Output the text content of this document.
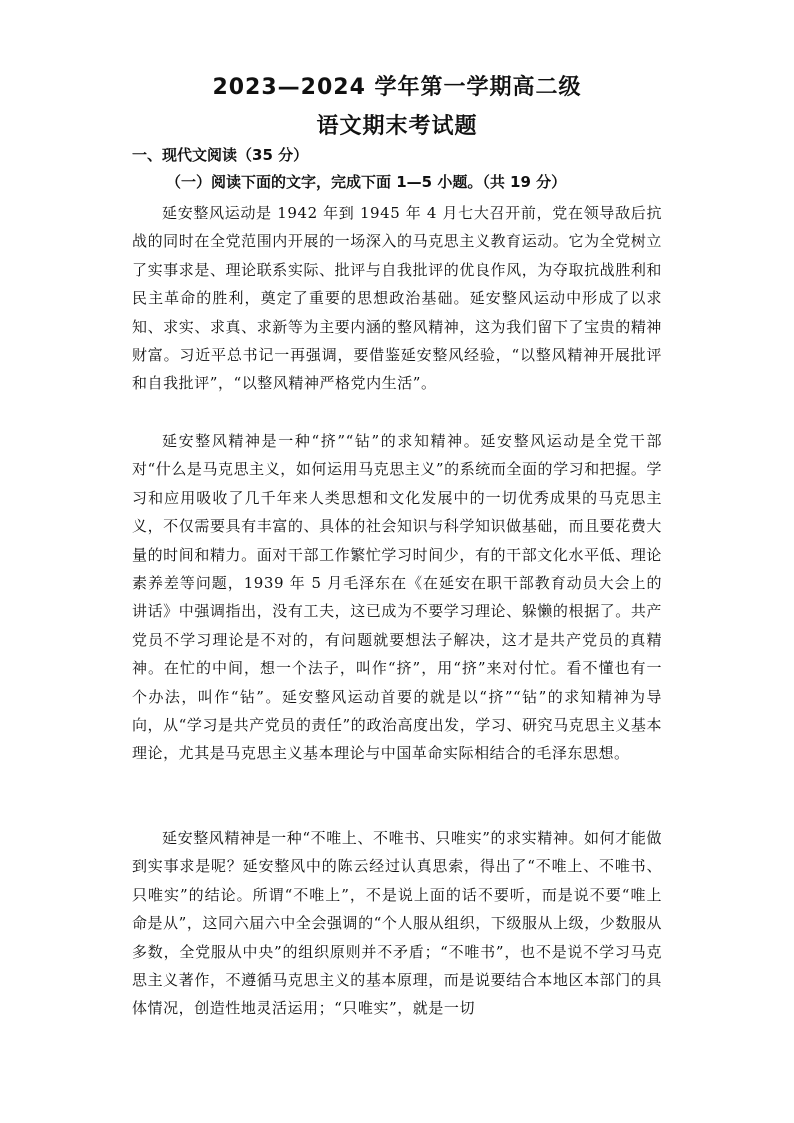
2023—2024 学年第一学期高二级
语文期末考试题
一、现代文阅读（35 分）
（一）阅读下面的文字，完成下面 1—5 小题。（共 19 分）

延安整风运动是 1942 年到 1945 年 4 月七大召开前，党在领导敌后抗战的同时在全党范围内开展的一场深入的马克思主义教育运动。它为全党树立了实事求是、理论联系实际、批评与自我批评的优良作风，为夺取抗战胜利和民主革命的胜利，奠定了重要的思想政治基础。延安整风运动中形成了以求知、求实、求真、求新等为主要内涵的整风精神，这为我们留下了宝贵的精神财富。习近平总书记一再强调，要借鉴延安整风经验，“以整风精神开展批评和自我批评”，“以整风精神严格党内生活”。

延安整风精神是一种“挤”“钻”的求知精神。延安整风运动是全党干部对“什么是马克思主义，如何运用马克思主义”的系统而全面的学习和把握。学习和应用吸收了几千年来人类思想和文化发展中的一切优秀成果的马克思主义，不仅需要具有丰富的、具体的社会知识与科学知识做基础，而且要花费大量的时间和精力。面对干部工作繁忙学习时间少，有的干部文化水平低、理论素养差等问题，1939 年 5 月毛泽东在《在延安在职干部教育动员大会上的讲话》中强调指出，没有工夫，这已成为不要学习理论、躲懒的根据了。共产党员不学习理论是不对的，有问题就要想法子解决，这才是共产党员的真精神。在忙的中间，想一个法子，叫作“挤”，用“挤”来对付忙。看不懂也有一个办法，叫作“钻”。延安整风运动首要的就是以“挤”“钻”的求知精神为导向，从“学习是共产党员的责任”的政治高度出发，学习、研究马克思主义基本理论，尤其是马克思主义基本理论与中国革命实际相结合的毛泽东思想。

延安整风精神是一种“不唯上、不唯书、只唯实”的求实精神。如何才能做到实事求是呢？延安整风中的陈云经过认真思索，得出了“不唯上、不唯书、只唯实”的结论。所谓“不唯上”，不是说上面的话不要听，而是说不要“唯上命是从”，这同六届六中全会强调的“个人服从组织，下级服从上级，少数服从多数，全党服从中央”的组织原则并不矛盾；“不唯书”，也不是说不学习马克思主义著作，不遵循马克思主义的基本原理，而是说要结合本地区本部门的具体情况，创造性地灵活运用；“只唯实”，就是一切
